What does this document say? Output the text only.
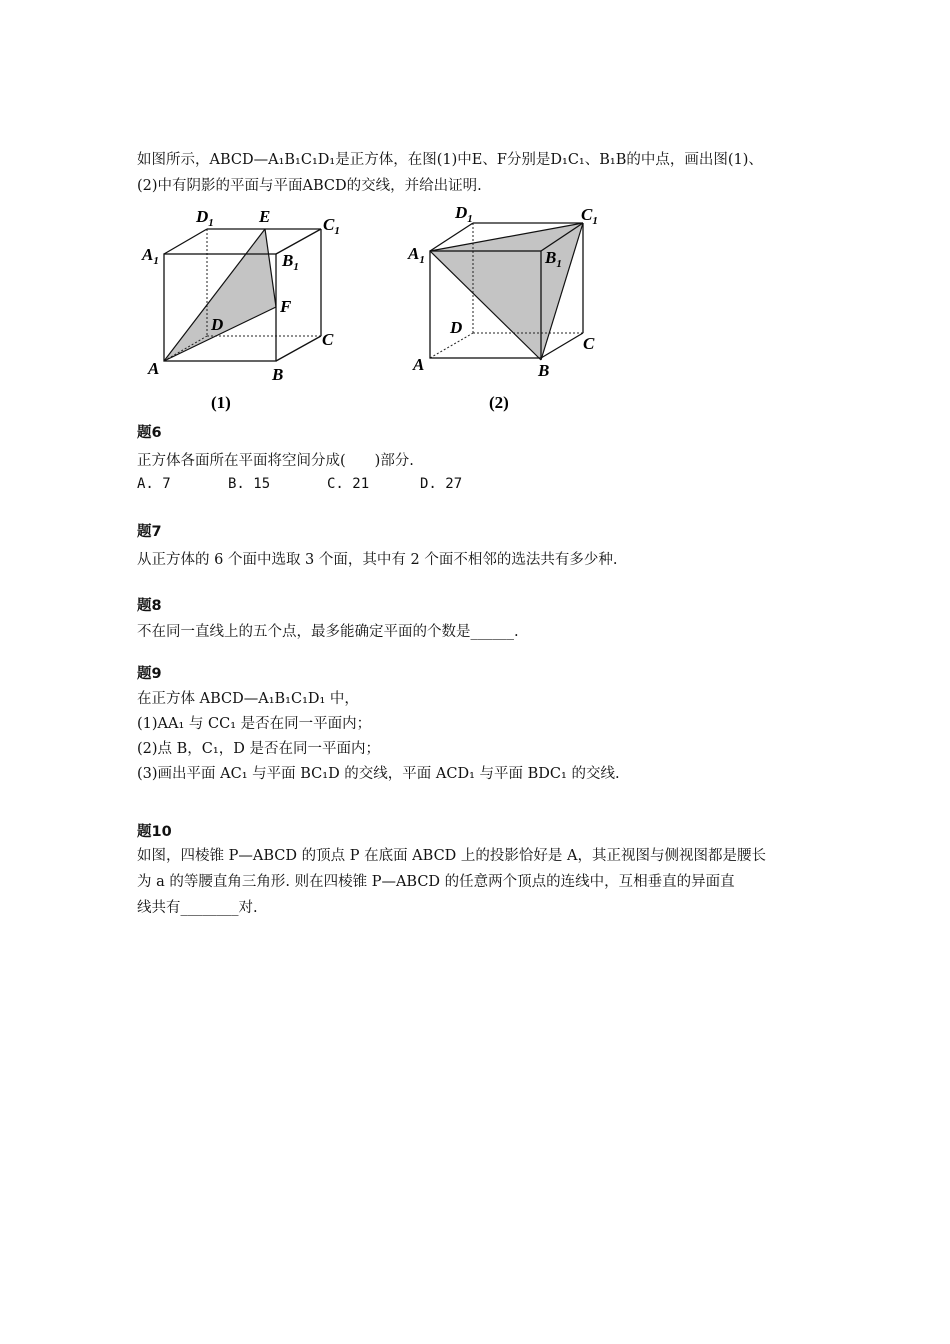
如图所示，ABCD—A₁B₁C₁D₁是正方体，在图(1)中E、F分别是D₁C₁、B₁B的中点，画出图(1)、
(2)中有阴影的平面与平面ABCD的交线，并给出证明.
$D_1$	E	$C_1$
$A_1$	$B_1$
F
D
C
A	B
(1)
$D_1$	$C_1$
$A_1$	$B_1$
D
C
A	B
(2)
题6
正方体各面所在平面将空间分成(　　)部分.
A. 7	B. 15	C. 21	D. 27
题7
从正方体的 6 个面中选取 3 个面，其中有 2 个面不相邻的选法共有多少种.
题8
不在同一直线上的五个点，最多能确定平面的个数是______.
题9
在正方体 ABCD—A₁B₁C₁D₁ 中，
(1)AA₁ 与 CC₁ 是否在同一平面内；
(2)点 B，C₁，D 是否在同一平面内；
(3)画出平面 AC₁ 与平面 BC₁D 的交线，平面 ACD₁ 与平面 BDC₁ 的交线.
题10
如图，四棱锥 P—ABCD 的顶点 P 在底面 ABCD 上的投影恰好是 A，其正视图与侧视图都是腰长
为 a 的等腰直角三角形. 则在四棱锥 P—ABCD 的任意两个顶点的连线中，互相垂直的异面直
线共有________对.
